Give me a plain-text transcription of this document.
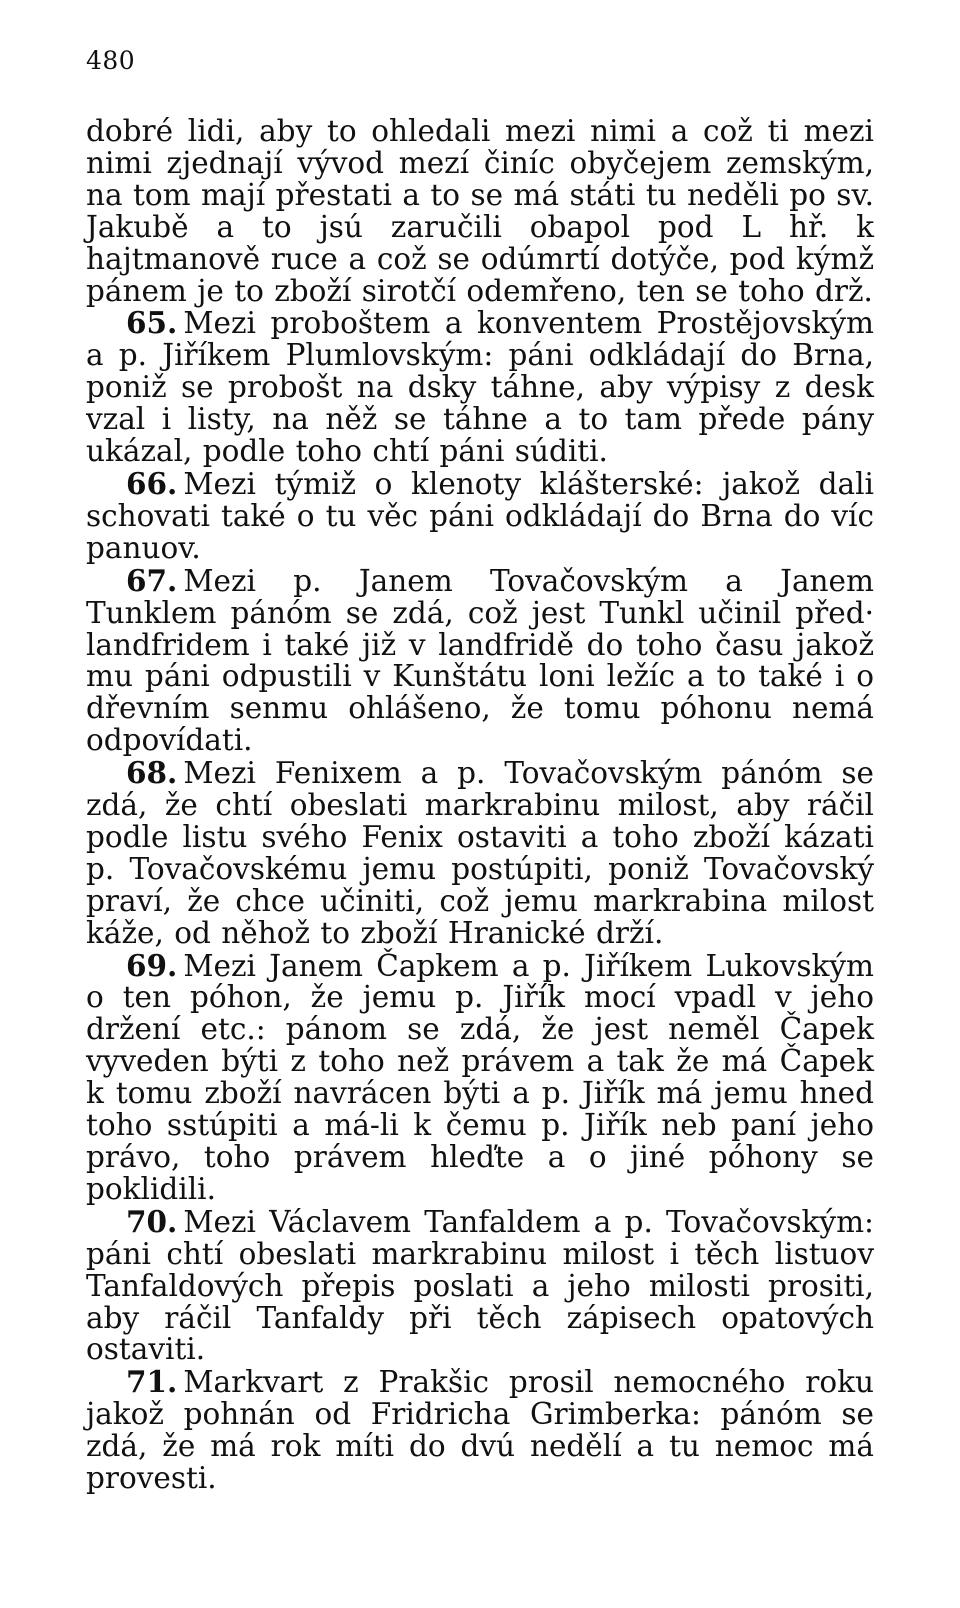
480

dobré lidi, aby to ohledali mezi nimi a což ti mezi nimi zjednají vývod mezí činíc obyčejem zemským, na tom mají přestati a to se má státi tu neděli po sv. Jakubě a to jsú zaručili obapol pod L hř. k hajtmanově ruce a což se odúmrtí dotýče, pod kýmž pánem je to zboží sirotčí odemřeno, ten se toho drž.

65. Mezi proboštem a konventem Prostějovským a p. Jiříkem Plumlovským: páni odkládají do Brna, poniž se probošt na dsky táhne, aby výpisy z desk vzal i listy, na něž se táhne a to tam přede pány ukázal, podle toho chtí páni súditi.

66. Mezi týmiž o klenoty klášterské: jakož dali schovati také o tu věc páni odkládají do Brna do víc panuov.

67. Mezi p. Janem Tovačovským a Janem Tunklem pánóm se zdá, což jest Tunkl učinil před· landfridem i také již v landfridě do toho času jakož mu páni odpustili v Kunštátu loni ležíc a to také i o dřevním senmu ohlášeno, že tomu póhonu nemá odpovídati.

68. Mezi Fenixem a p. Tovačovským pánóm se zdá, že chtí obeslati markrabinu milost, aby ráčil podle listu svého Fenix ostaviti a toho zboží kázati p. Tovačovskému jemu postúpiti, poniž Tovačovský praví, že chce učiniti, což jemu markrabina milost káže, od něhož to zboží Hranické drží.

69. Mezi Janem Čapkem a p. Jiříkem Lukovským o ten póhon, že jemu p. Jiřík mocí vpadl v jeho držení etc.: pánom se zdá, že jest neměl Čapek vyveden býti z toho než právem a tak že má Čapek k tomu zboží navrácen býti a p. Jiřík má jemu hned toho sstúpiti a má-li k čemu p. Jiřík neb paní jeho právo, toho právem hleďte a o jiné póhony se poklidili.

70. Mezi Václavem Tanfaldem a p. Tovačovským: páni chtí obeslati markrabinu milost i těch listuov Tanfaldových přepis poslati a jeho milosti prositi, aby ráčil Tanfaldy při těch zápisech opatových ostaviti.

71. Markvart z Prakšic prosil nemocného roku jakož pohnán od Fridricha Grimberka: pánóm se zdá, že má rok míti do dvú nedělí a tu nemoc má provesti.
